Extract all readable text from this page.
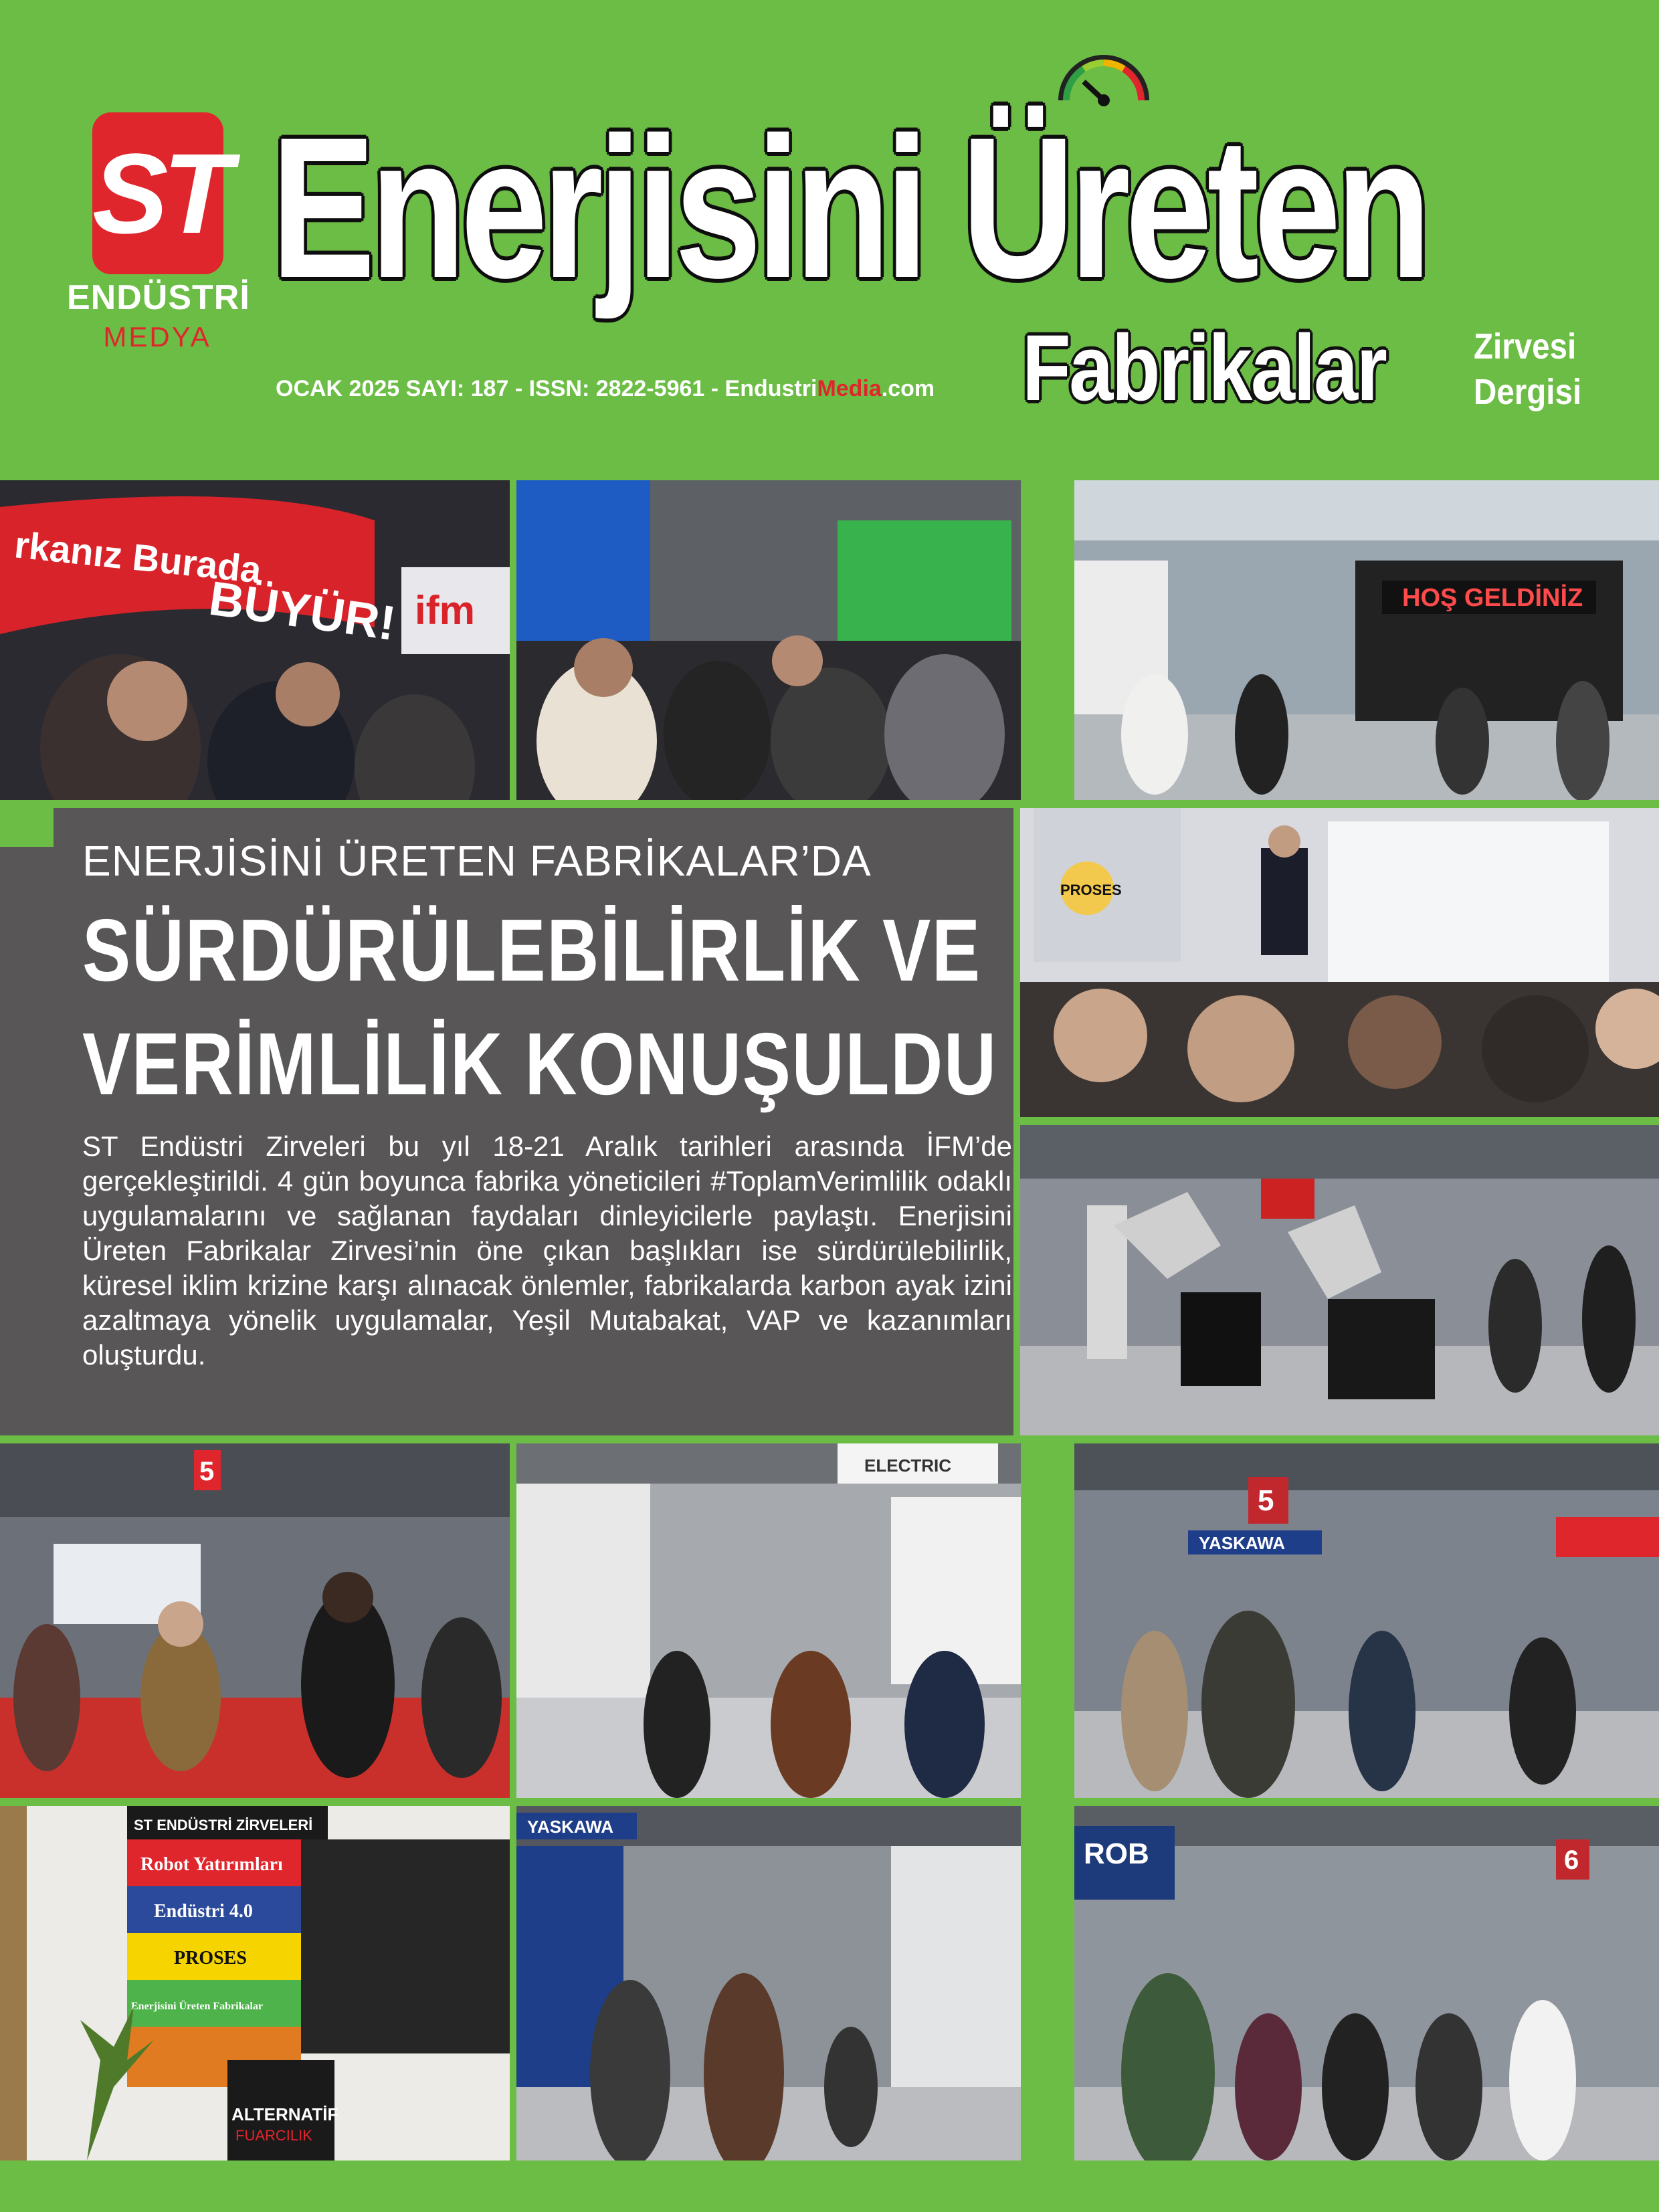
ST
ENDÜSTRİ
MEDYA
Enerjisini Üreten
Fabrikalar Zirvesi
Dergisi
OCAK 2025 SAYI: 187 - ISSN: 2822-5961 - EndustriMedia.com
ifm
rkanız Burada
BÜYÜR!	HOŞ GELDİNİZ
ENERJİSİNİ ÜRETEN FABRİKALAR’DA
SÜRDÜRÜLEBİLİRLİK VE
VERİMLİLİK KONUŞULDU
ST Endüstri Zirveleri bu yıl 18-21 Aralık tarihleri arasında İFM’de gerçekleştirildi. 4 gün boyunca fabrika yöneticileri #ToplamVerimlilik odaklı uygulamalarını ve sağlanan faydaları dinleyicilerle paylaştı. Enerjisini Üreten Fabrikalar Zirvesi’nin öne çıkan başlıkları ise sürdürülebilirlik, küresel iklim krizine karşı alınacak önlemler, fabrikalarda karbon ayak izini azaltmaya yönelik uygulamalar, Yeşil Mutabakat, VAP ve kazanımları oluşturdu.
PROSES
5	ELECTRIC
5
YASKAWA
ST ENDÜSTRİ ZİRVELERİ
Robot Yatırımları
Endüstri 4.0
PROSES
Enerjisini Üreten Fabrikalar
ALTERNATİF
FUARCILIK
YASKAWA
ROB	6
